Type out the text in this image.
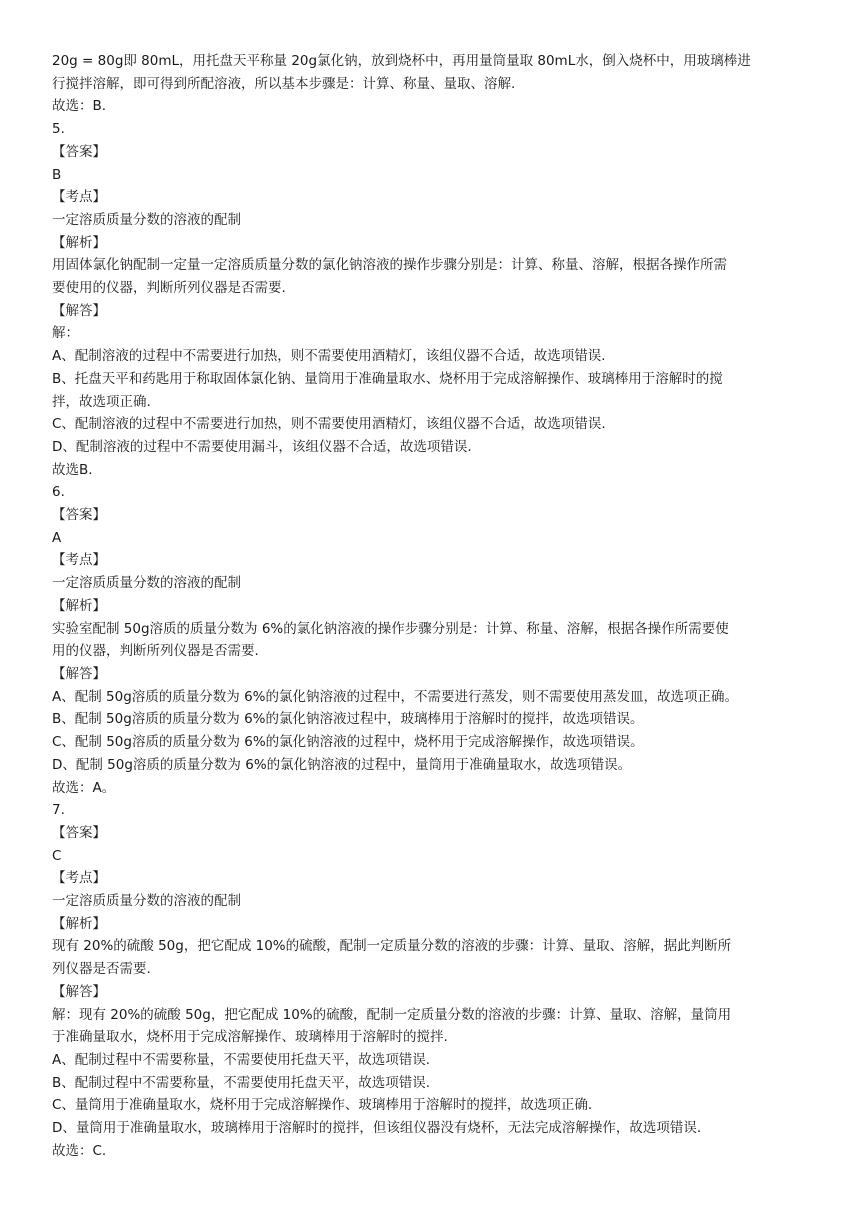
20g = 80g即 80mL，用托盘天平称量 20g氯化钠，放到烧杯中，再用量筒量取 80mL水，倒入烧杯中，用玻璃棒进

行搅拌溶解，即可得到所配溶液，所以基本步骤是：计算、称量、量取、溶解.

故选：B.

5.

【答案】

B

【考点】

一定溶质质量分数的溶液的配制

【解析】

用固体氯化钠配制一定量一定溶质质量分数的氯化钠溶液的操作步骤分别是：计算、称量、溶解，根据各操作所需

要使用的仪器，判断所列仪器是否需要.

【解答】

解：

A、配制溶液的过程中不需要进行加热，则不需要使用酒精灯，该组仪器不合适，故选项错误.

B、托盘天平和药匙用于称取固体氯化钠、量筒用于准确量取水、烧杯用于完成溶解操作、玻璃棒用于溶解时的搅

拌，故选项正确.

C、配制溶液的过程中不需要进行加热，则不需要使用酒精灯，该组仪器不合适，故选项错误.

D、配制溶液的过程中不需要使用漏斗，该组仪器不合适，故选项错误.

故选B.

6.

【答案】

A

【考点】

一定溶质质量分数的溶液的配制

【解析】

实验室配制 50g溶质的质量分数为 6%的氯化钠溶液的操作步骤分别是：计算、称量、溶解，根据各操作所需要使

用的仪器，判断所列仪器是否需要.

【解答】

A、配制 50g溶质的质量分数为 6%的氯化钠溶液的过程中，不需要进行蒸发，则不需要使用蒸发皿，故选项正确。

B、配制 50g溶质的质量分数为 6%的氯化钠溶液过程中，玻璃棒用于溶解时的搅拌，故选项错误。

C、配制 50g溶质的质量分数为 6%的氯化钠溶液的过程中，烧杯用于完成溶解操作，故选项错误。

D、配制 50g溶质的质量分数为 6%的氯化钠溶液的过程中，量筒用于准确量取水，故选项错误。

故选：A。

7.

【答案】

C

【考点】

一定溶质质量分数的溶液的配制

【解析】

现有 20%的硫酸 50g，把它配成 10%的硫酸，配制一定质量分数的溶液的步骤：计算、量取、溶解，据此判断所

列仪器是否需要.

【解答】

解：现有 20%的硫酸 50g，把它配成 10%的硫酸，配制一定质量分数的溶液的步骤：计算、量取、溶解，量筒用

于准确量取水，烧杯用于完成溶解操作、玻璃棒用于溶解时的搅拌.

A、配制过程中不需要称量，不需要使用托盘天平，故选项错误.

B、配制过程中不需要称量，不需要使用托盘天平，故选项错误.

C、量筒用于准确量取水，烧杯用于完成溶解操作、玻璃棒用于溶解时的搅拌，故选项正确.

D、量筒用于准确量取水，玻璃棒用于溶解时的搅拌，但该组仪器没有烧杯，无法完成溶解操作，故选项错误.

故选：C.
